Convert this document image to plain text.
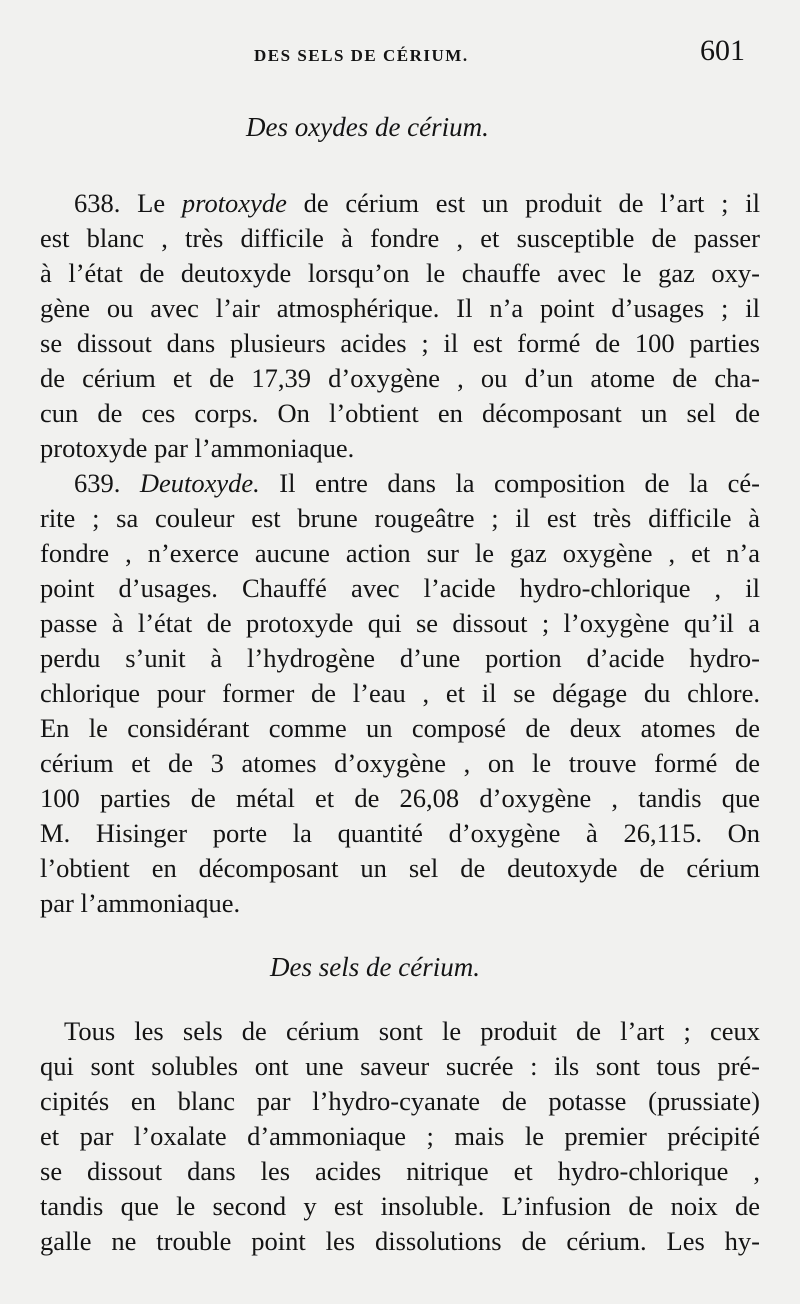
DES SELS DE CÉRIUM.	601
Des oxydes de cérium.
638. Le protoxyde de cérium est un produit de l’art ; il
est blanc , très difficile à fondre , et susceptible de passer
à l’état de deutoxyde lorsqu’on le chauffe avec le gaz oxy-
gène ou avec l’air atmosphérique. Il n’a point d’usages ; il
se dissout dans plusieurs acides ; il est formé de 100 parties
de cérium et de 17,39 d’oxygène , ou d’un atome de cha-
cun de ces corps. On l’obtient en décomposant un sel de
protoxyde par l’ammoniaque.
639. Deutoxyde. Il entre dans la composition de la cé-
rite ; sa couleur est brune rougeâtre ; il est très difficile à
fondre , n’exerce aucune action sur le gaz oxygène , et n’a
point d’usages. Chauffé avec l’acide hydro-chlorique , il
passe à l’état de protoxyde qui se dissout ; l’oxygène qu’il a
perdu s’unit à l’hydrogène d’une portion d’acide hydro-
chlorique pour former de l’eau , et il se dégage du chlore.
En le considérant comme un composé de deux atomes de
cérium et de 3 atomes d’oxygène , on le trouve formé de
100 parties de métal et de 26,08 d’oxygène , tandis que
M. Hisinger porte la quantité d’oxygène à 26,115. On
l’obtient en décomposant un sel de deutoxyde de cérium
par l’ammoniaque.
Des sels de cérium.
Tous les sels de cérium sont le produit de l’art ; ceux
qui sont solubles ont une saveur sucrée : ils sont tous pré-
cipités en blanc par l’hydro-cyanate de potasse (prussiate)
et par l’oxalate d’ammoniaque ; mais le premier précipité
se dissout dans les acides nitrique et hydro-chlorique ,
tandis que le second y est insoluble. L’infusion de noix de
galle ne trouble point les dissolutions de cérium. Les hy-
